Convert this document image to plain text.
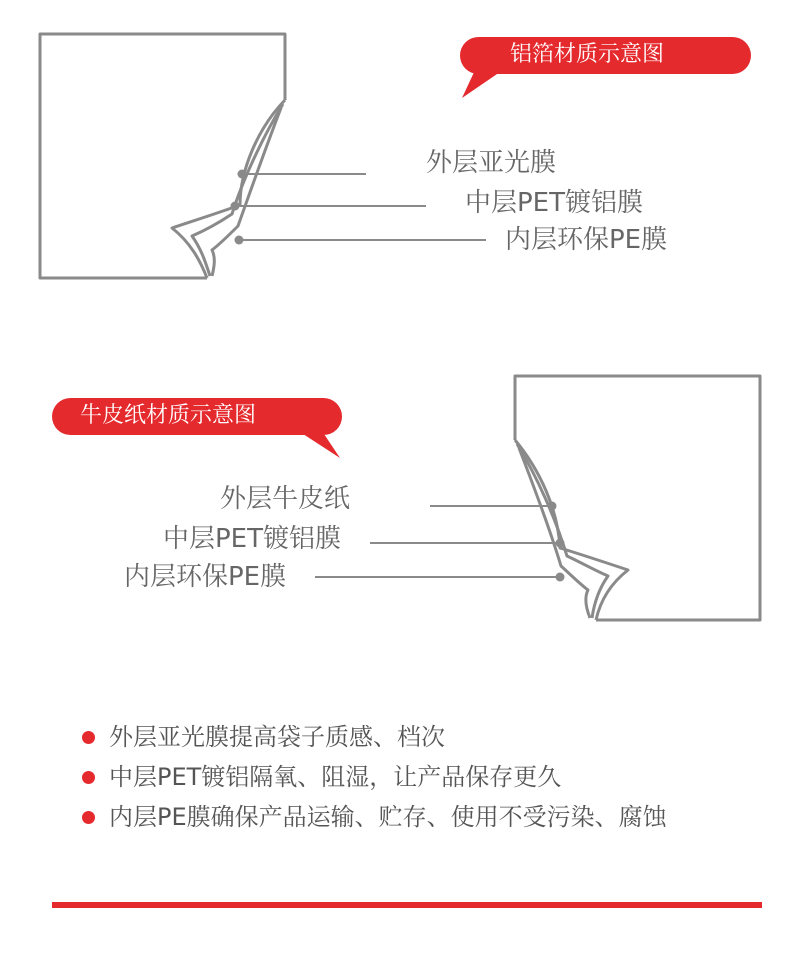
铝箔材质示意图
外层亚光膜
中层PET镀铝膜
内层环保PE膜
牛皮纸材质示意图
外层牛皮纸
中层PET镀铝膜
内层环保PE膜
外层亚光膜提高袋子质感、档次
中层PET镀铝隔氧、阻湿，让产品保存更久
内层PE膜确保产品运输、贮存、使用不受污染、腐蚀
